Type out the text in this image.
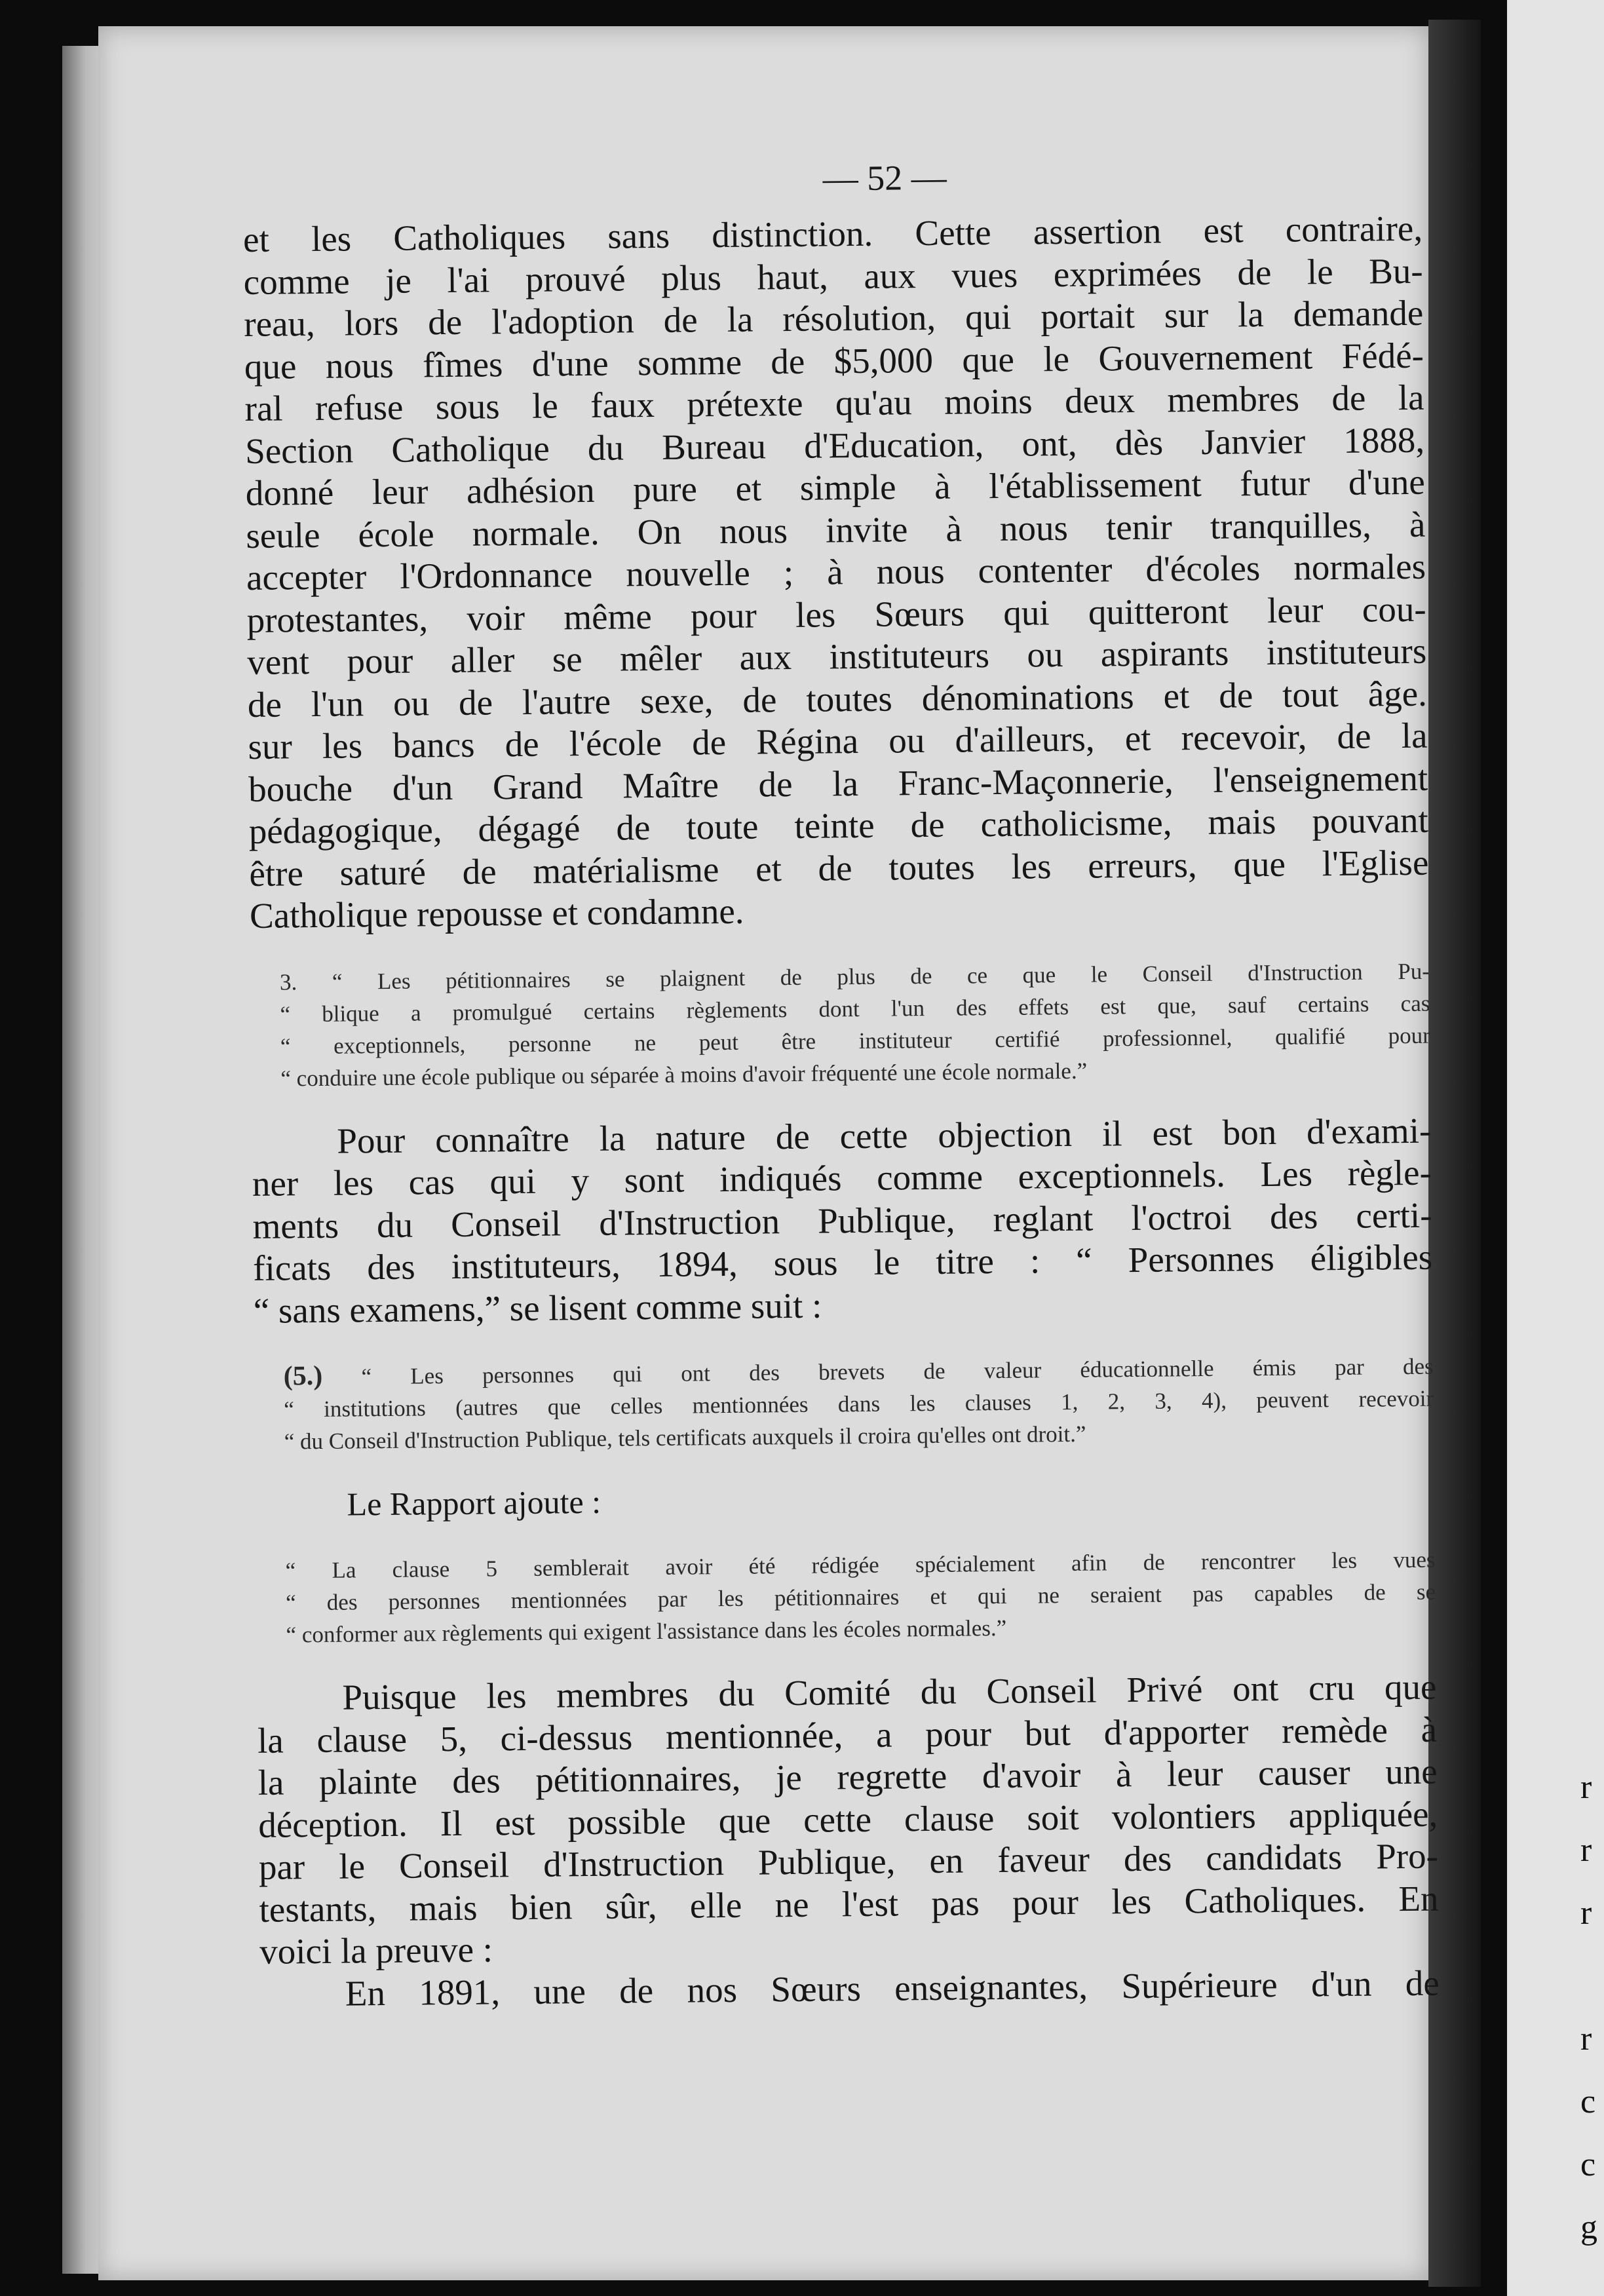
r
r
r

r
c
c
g
— 52 —
et les Catholiques sans distinction. Cette assertion est contraire,
comme je l'ai prouvé plus haut, aux vues exprimées de le Bu-
reau, lors de l'adoption de la résolution, qui portait sur la demande
que nous fîmes d'une somme de $5,000 que le Gouvernement Fédé-
ral refuse sous le faux prétexte qu'au moins deux membres de la
Section Catholique du Bureau d'Education, ont, dès Janvier 1888,
donné leur adhésion pure et simple à l'établissement futur d'une
seule école normale. On nous invite à nous tenir tranquilles, à
accepter l'Ordonnance nouvelle ; à nous contenter d'écoles normales
protestantes, voir même pour les Sœurs qui quitteront leur cou-
vent pour aller se mêler aux instituteurs ou aspirants instituteurs
de l'un ou de l'autre sexe, de toutes dénominations et de tout âge.
sur les bancs de l'école de Régina ou d'ailleurs, et recevoir, de la
bouche d'un Grand Maître de la Franc-Maçonnerie, l'enseignement
pédagogique, dégagé de toute teinte de catholicisme, mais pouvant
être saturé de matérialisme et de toutes les erreurs, que l'Eglise
Catholique repousse et condamne.
3. “ Les pétitionnaires se plaignent de plus de ce que le Conseil d'Instruction Pu-
“ blique a promulgué certains règlements dont l'un des effets est que, sauf certains cas
“ exceptionnels, personne ne peut être instituteur certifié professionnel, qualifié pour
“ conduire une école publique ou séparée à moins d'avoir fréquenté une école normale.”
Pour connaître la nature de cette objection il est bon d'exami-
ner les cas qui y sont indiqués comme exceptionnels. Les règle-
ments du Conseil d'Instruction Publique, reglant l'octroi des certi-
ficats des instituteurs, 1894, sous le titre : “ Personnes éligibles
“ sans examens,” se lisent comme suit :
(5.) “ Les personnes qui ont des brevets de valeur éducationnelle émis par des
“ institutions (autres que celles mentionnées dans les clauses 1, 2, 3, 4), peuvent recevoir
“ du Conseil d'Instruction Publique, tels certificats auxquels il croira qu'elles ont droit.”
Le Rapport ajoute :
“ La clause 5 semblerait avoir été rédigée spécialement afin de rencontrer les vues
“ des personnes mentionnées par les pétitionnaires et qui ne seraient pas capables de se
“ conformer aux règlements qui exigent l'assistance dans les écoles normales.”
Puisque les membres du Comité du Conseil Privé ont cru que
la clause 5, ci-dessus mentionnée, a pour but d'apporter remède à
la plainte des pétitionnaires, je regrette d'avoir à leur causer une
déception. Il est possible que cette clause soit volontiers appliquée,
par le Conseil d'Instruction Publique, en faveur des candidats Pro-
testants, mais bien sûr, elle ne l'est pas pour les Catholiques. En
voici la preuve :
En 1891, une de nos Sœurs enseignantes, Supérieure d'un de
